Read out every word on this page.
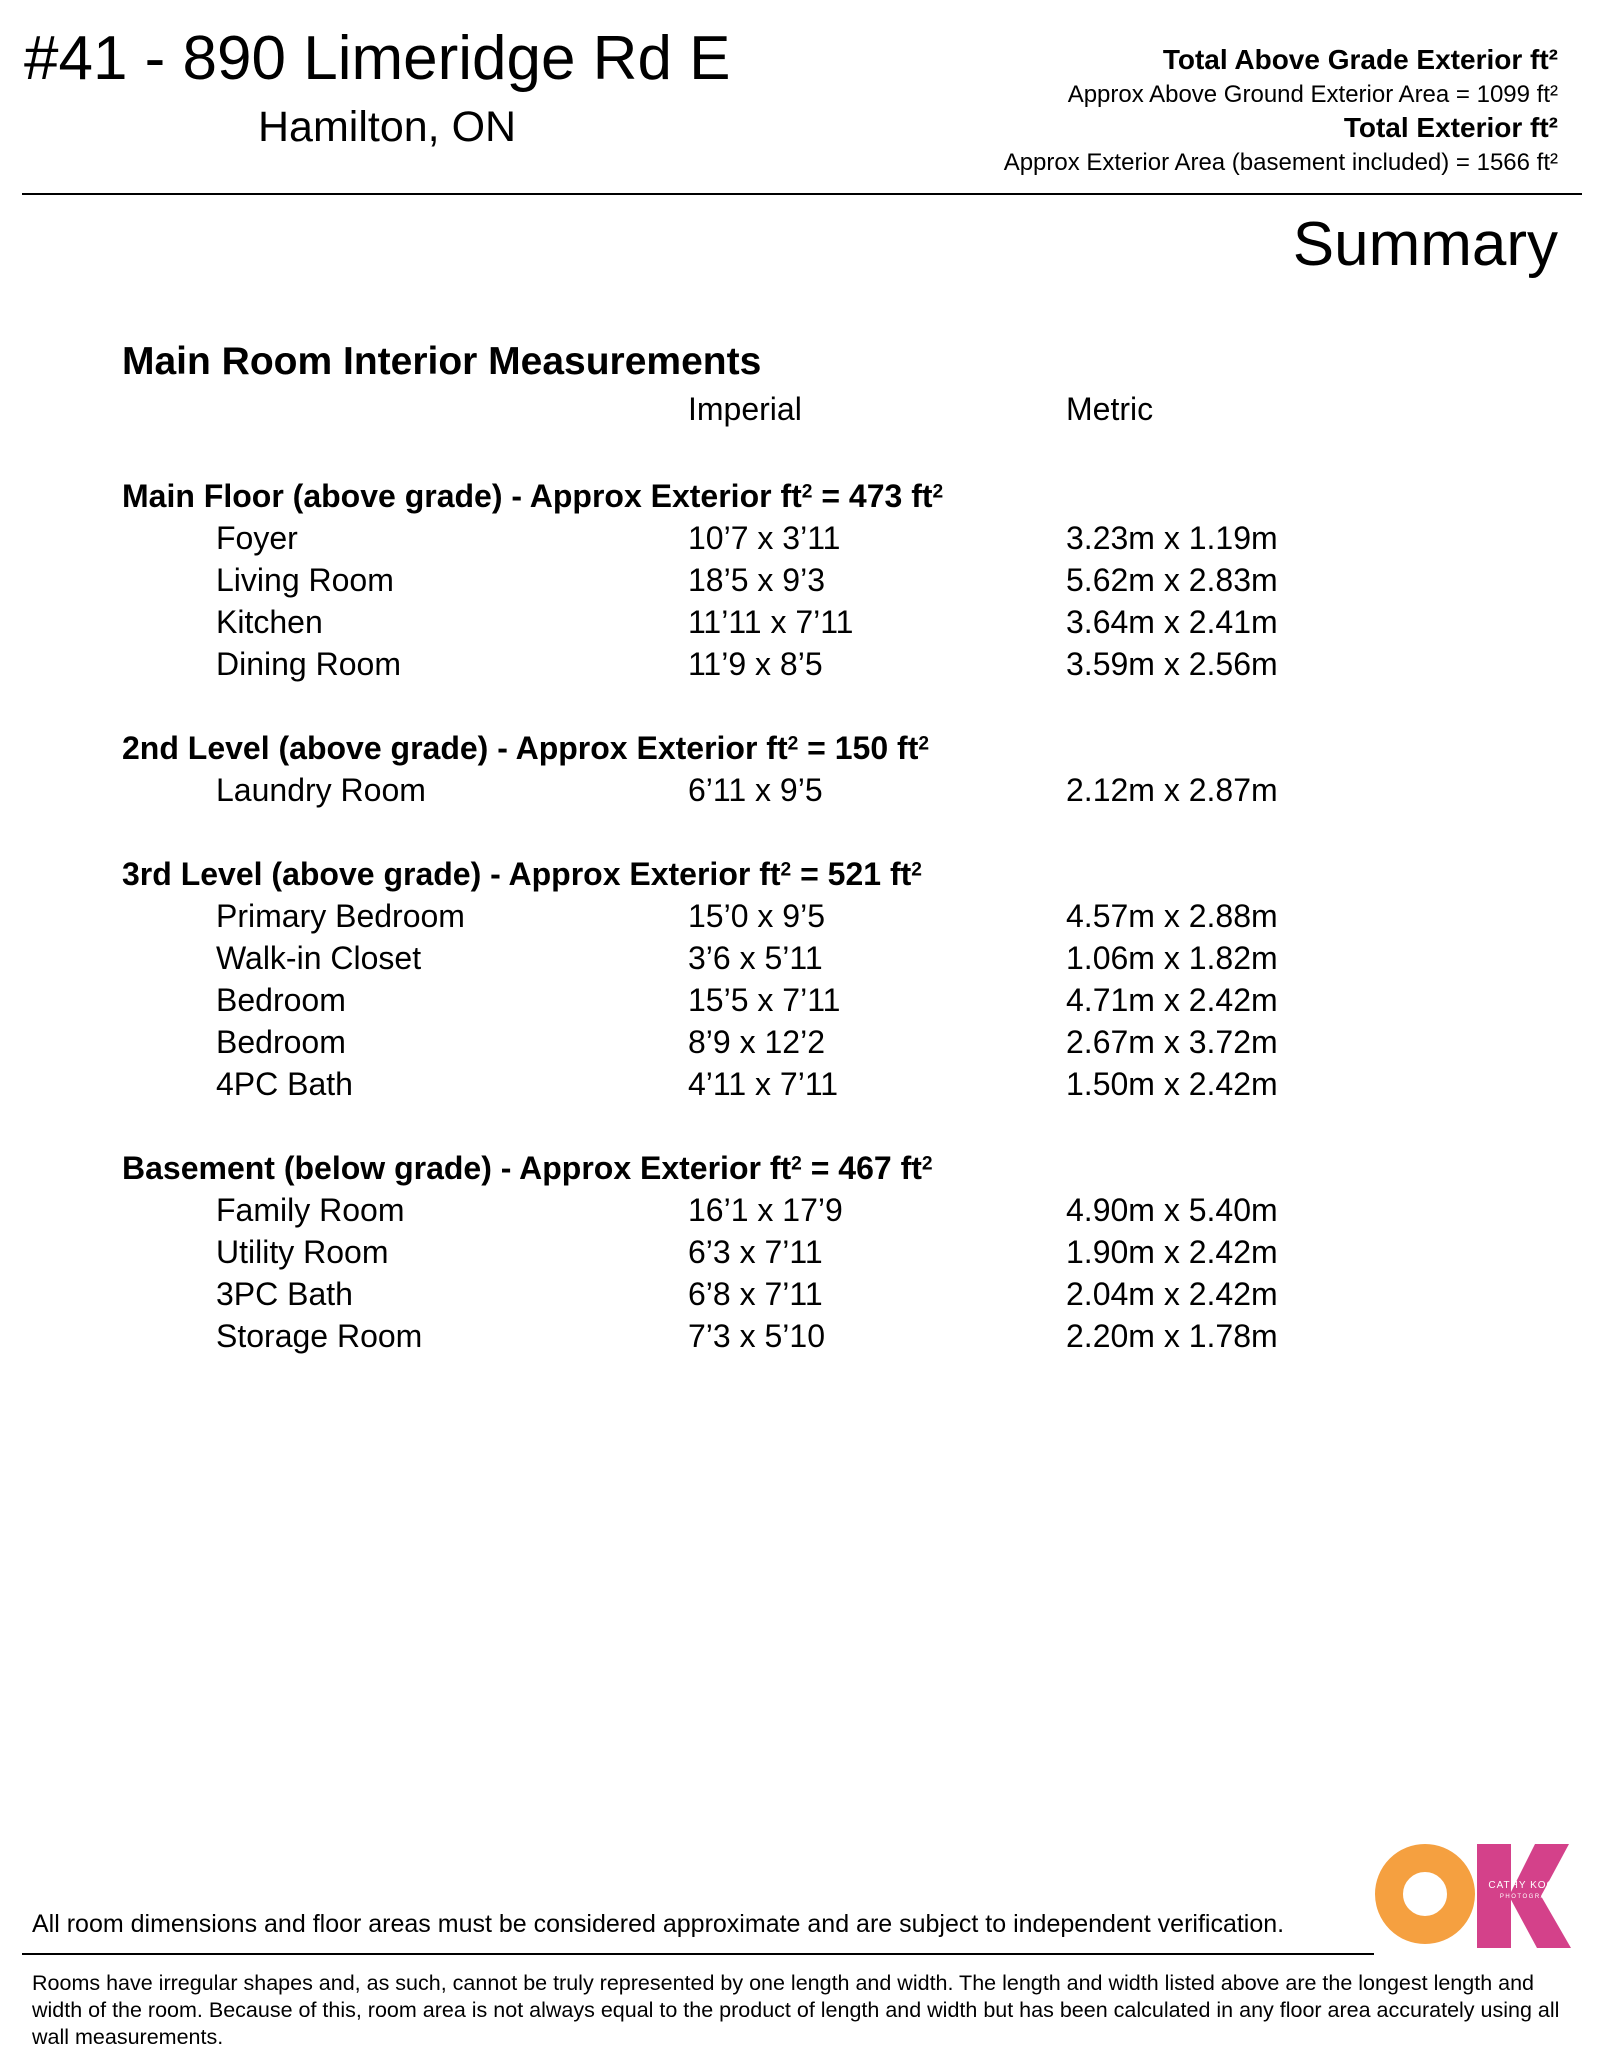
#41 - 890 Limeridge Rd E
Hamilton, ON
Total Above Grade Exterior ft²
Approx Above Ground Exterior Area = 1099 ft²
Total Exterior ft²
Approx Exterior Area (basement included) = 1566 ft²
Summary
Main Room Interior Measurements
Imperial	Metric
Main Floor (above grade) - Approx Exterior $ft^2 = 473$ $ft^2$
Foyer	10’7 x 3’11	3.23m x 1.19m
Living Room	18’5 x 9’3	5.62m x 2.83m
Kitchen	11’11 x 7’11	3.64m x 2.41m
Dining Room	11’9 x 8’5	3.59m x 2.56m
2nd Level (above grade) - Approx Exterior $ft^2 = 150$ $ft^2$
Laundry Room	6’11 x 9’5	2.12m x 2.87m
3rd Level (above grade) - Approx Exterior $ft^2 = 521$ $ft^2$
Primary Bedroom	15’0 x 9’5	4.57m x 2.88m
Walk-in Closet	3’6 x 5’11	1.06m x 1.82m
Bedroom	15’5 x 7’11	4.71m x 2.42m
Bedroom	8’9 x 12’2	2.67m x 3.72m
4PC Bath	4’11 x 7’11	1.50m x 2.42m
Basement (below grade) - Approx Exterior $ft^2 = 467$ $ft^2$
Family Room	16’1 x 17’9	4.90m x 5.40m
Utility Room	6’3 x 7’11	1.90m x 2.42m
3PC Bath	6’8 x 7’11	2.04m x 2.42m
Storage Room	7’3 x 5’10	2.20m x 1.78m
All room dimensions and floor areas must be considered approximate and are subject to independent verification.
Rooms have irregular shapes and, as such, cannot be truly represented by one length and width. The length and width listed above are the longest length and width of the room. Because of this, room area is not always equal to the product of length and width but has been calculated in any floor area accurately using all wall measurements.
CATHY KOOP
PHOTOGRAPHY
